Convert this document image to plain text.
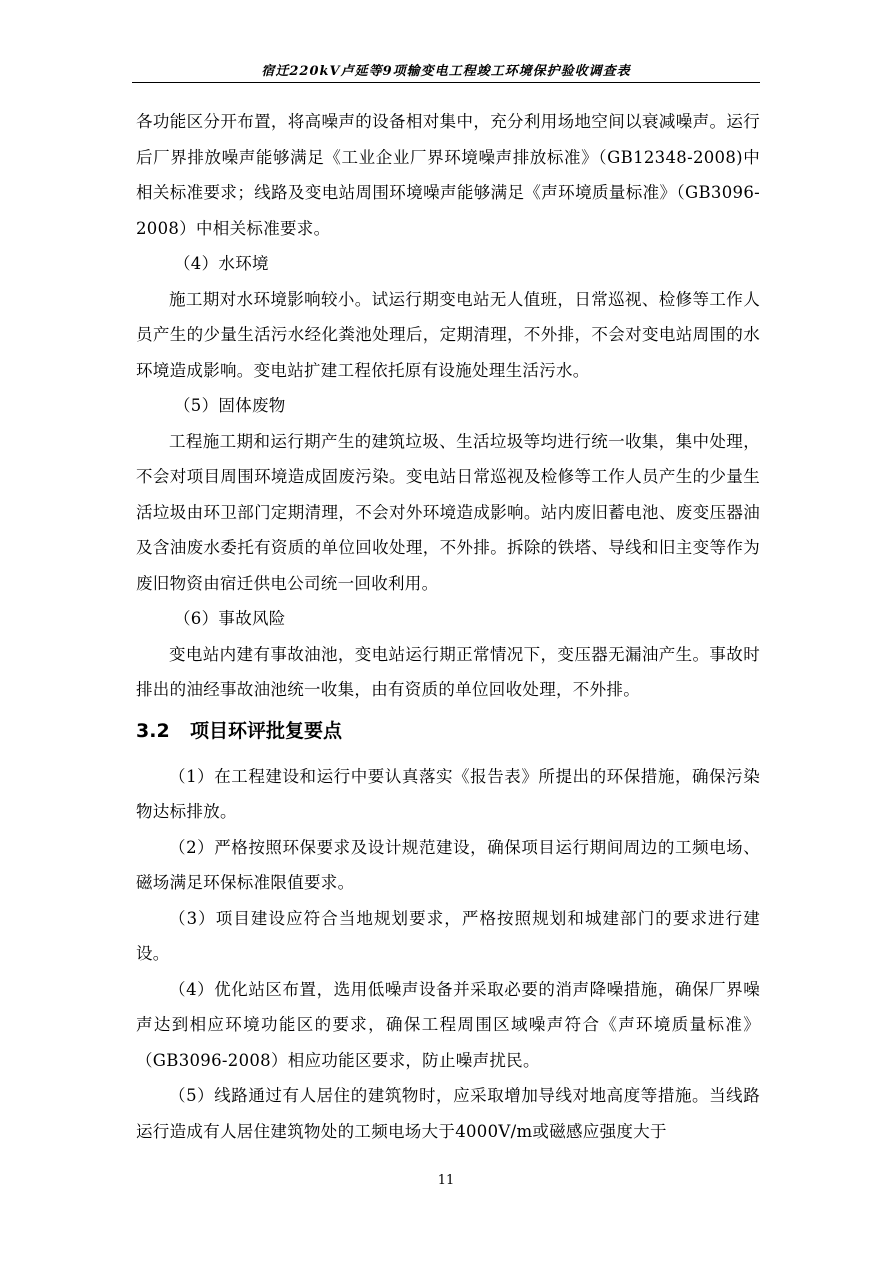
宿迁220kV卢延等9项输变电工程竣工环境保护验收调查表

各功能区分开布置，将高噪声的设备相对集中，充分利用场地空间以衰减噪声。运行后厂界排放噪声能够满足《工业企业厂界环境噪声排放标准》（GB12348-2008)中相关标准要求；线路及变电站周围环境噪声能够满足《声环境质量标准》（GB3096-2008）中相关标准要求。

（4）水环境

施工期对水环境影响较小。试运行期变电站无人值班，日常巡视、检修等工作人员产生的少量生活污水经化粪池处理后，定期清理，不外排，不会对变电站周围的水环境造成影响。变电站扩建工程依托原有设施处理生活污水。

（5）固体废物

工程施工期和运行期产生的建筑垃圾、生活垃圾等均进行统一收集，集中处理，不会对项目周围环境造成固废污染。变电站日常巡视及检修等工作人员产生的少量生活垃圾由环卫部门定期清理，不会对外环境造成影响。站内废旧蓄电池、废变压器油及含油废水委托有资质的单位回收处理，不外排。拆除的铁塔、导线和旧主变等作为废旧物资由宿迁供电公司统一回收利用。

（6）事故风险

变电站内建有事故油池，变电站运行期正常情况下，变压器无漏油产生。事故时排出的油经事故油池统一收集，由有资质的单位回收处理，不外排。

3.2 项目环评批复要点

（1）在工程建设和运行中要认真落实《报告表》所提出的环保措施，确保污染物达标排放。

（2）严格按照环保要求及设计规范建设，确保项目运行期间周边的工频电场、磁场满足环保标准限值要求。

（3）项目建设应符合当地规划要求，严格按照规划和城建部门的要求进行建设。

（4）优化站区布置，选用低噪声设备并采取必要的消声降噪措施，确保厂界噪声达到相应环境功能区的要求，确保工程周围区域噪声符合《声环境质量标准》（GB3096-2008）相应功能区要求，防止噪声扰民。

（5）线路通过有人居住的建筑物时，应采取增加导线对地高度等措施。当线路运行造成有人居住建筑物处的工频电场大于4000V/m或磁感应强度大于

11
